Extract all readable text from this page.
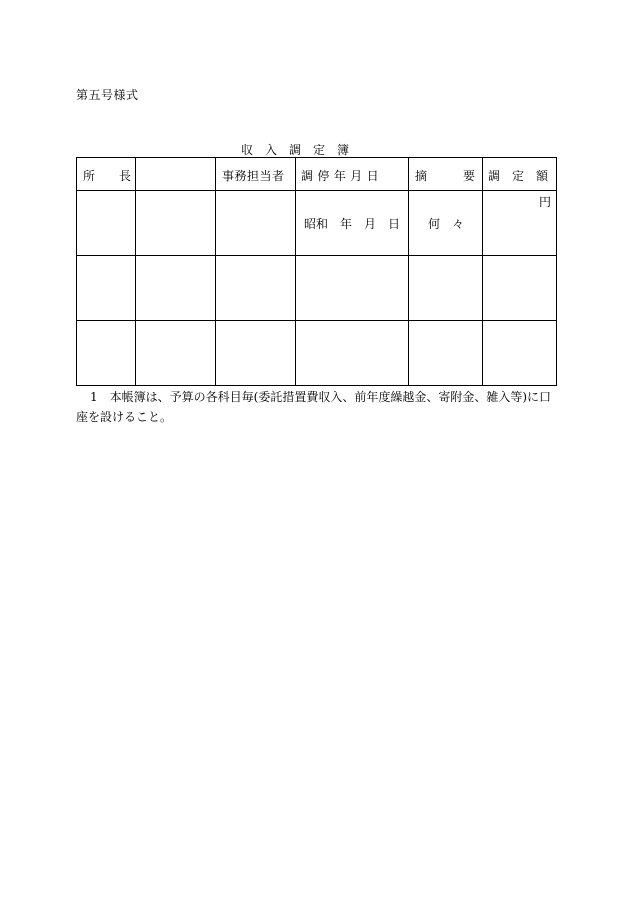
第五号様式
収　入　調　定　簿
所　　長		事務担当者	調 停 年 月 日	摘　　　要	調　定　額

			昭和　年　月　日	何　々	円

1　 本帳簿は、予算の各科目毎(委託措置費収入、前年度繰越金、寄附金、雑入等)に口座を設けること。
